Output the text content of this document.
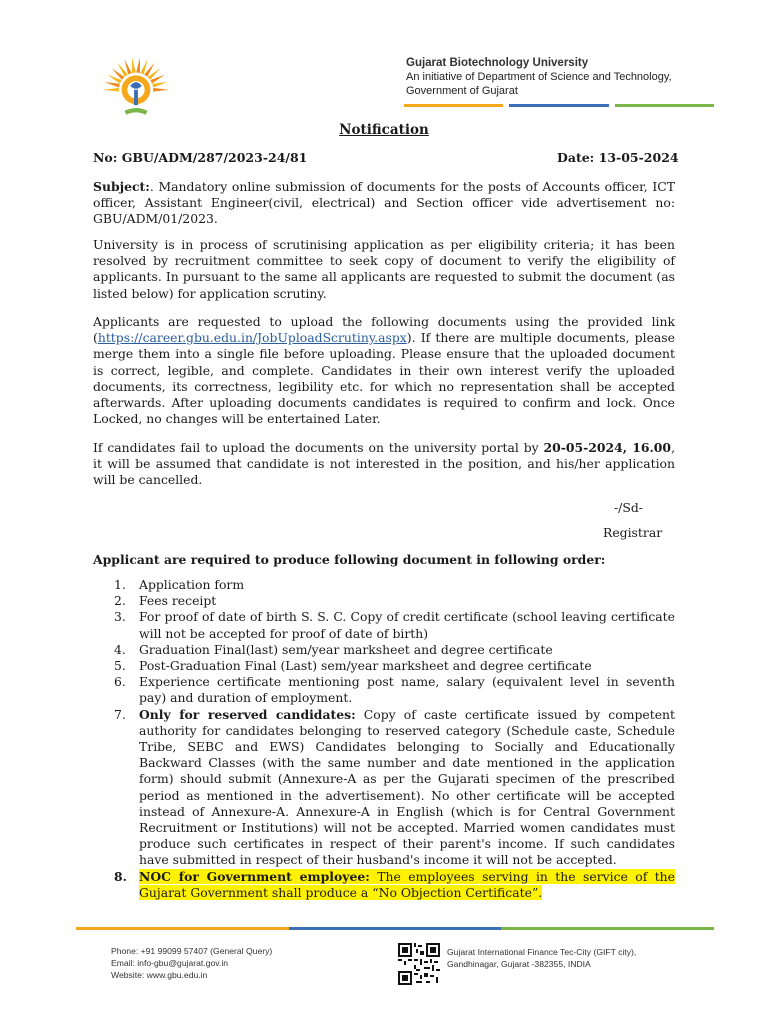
Gujarat Biotechnology University
An initiative of Department of Science and Technology,
Government of Gujarat
Notification
No: GBU/ADM/287/2023-24/81	Date: 13-05-2024
Subject:. Mandatory online submission of documents for the posts of Accounts officer, ICT officer, Assistant Engineer(civil, electrical) and Section officer vide advertisement no: GBU/ADM/01/2023.
University is in process of scrutinising application as per eligibility criteria; it has been resolved by recruitment committee to seek copy of document to verify the eligibility of applicants. In pursuant to the same all applicants are requested to submit the document (as listed below) for application scrutiny.
Applicants are requested to upload the following documents using the provided link (https://career.gbu.edu.in/JobUploadScrutiny.aspx). If there are multiple documents, please merge them into a single file before uploading. Please ensure that the uploaded document is correct, legible, and complete. Candidates in their own interest verify the uploaded documents, its correctness, legibility etc. for which no representation shall be accepted afterwards. After uploading documents candidates is required to confirm and lock. Once Locked, no changes will be entertained Later.
If candidates fail to upload the documents on the university portal by 20-05-2024, 16.00, it will be assumed that candidate is not interested in the position, and his/her application will be cancelled.
-/Sd-
Registrar
Applicant are required to produce following document in following order:
1. Application form
2. Fees receipt
3. For proof of date of birth S. S. C. Copy of credit certificate (school leaving certificate will not be accepted for proof of date of birth)
4. Graduation Final(last) sem/year marksheet and degree certificate
5. Post-Graduation Final (Last) sem/year marksheet and degree certificate
6. Experience certificate mentioning post name, salary (equivalent level in seventh pay) and duration of employment.
7. Only for reserved candidates: Copy of caste certificate issued by competent authority for candidates belonging to reserved category (Schedule caste, Schedule Tribe, SEBC and EWS) Candidates belonging to Socially and Educationally Backward Classes (with the same number and date mentioned in the application form) should submit (Annexure-A as per the Gujarati specimen of the prescribed period as mentioned in the advertisement). No other certificate will be accepted instead of Annexure-A. Annexure-A in English (which is for Central Government Recruitment or Institutions) will not be accepted. Married women candidates must produce such certificates in respect of their parent's income. If such candidates have submitted in respect of their husband's income it will not be accepted.
8. NOC for Government employee: The employees serving in the service of the Gujarat Government shall produce a “No Objection Certificate”.
Phone: +91 99099 57407 (General Query)
Email: info-gbu@gujarat.gov.in
Website: www.gbu.edu.in
Gujarat International Finance Tec-City (GIFT city),
Gandhinagar, Gujarat -382355, INDIA
